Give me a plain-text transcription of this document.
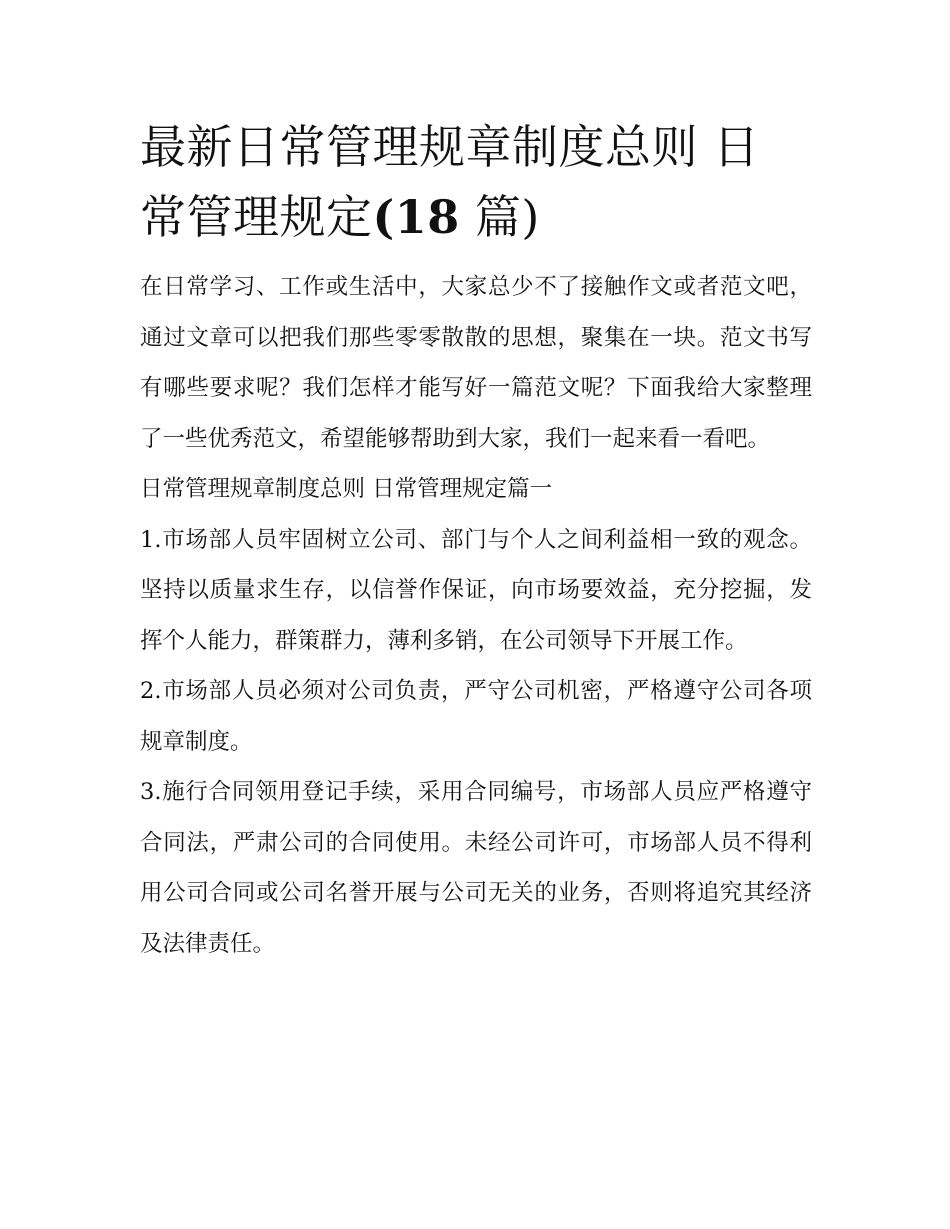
最新日常管理规章制度总则 日
常管理规定(18 篇)

在日常学习、工作或生活中，大家总少不了接触作文或者范文吧，通过文章可以把我们那些零零散散的思想，聚集在一块。范文书写有哪些要求呢？我们怎样才能写好一篇范文呢？下面我给大家整理了一些优秀范文，希望能够帮助到大家，我们一起来看一看吧。

日常管理规章制度总则 日常管理规定篇一

1.市场部人员牢固树立公司、部门与个人之间利益相一致的观念。坚持以质量求生存，以信誉作保证，向市场要效益，充分挖掘，发挥个人能力，群策群力，薄利多销，在公司领导下开展工作。

2.市场部人员必须对公司负责，严守公司机密，严格遵守公司各项规章制度。

3.施行合同领用登记手续，采用合同编号，市场部人员应严格遵守合同法，严肃公司的合同使用。未经公司许可，市场部人员不得利用公司合同或公司名誉开展与公司无关的业务，否则将追究其经济及法律责任。
